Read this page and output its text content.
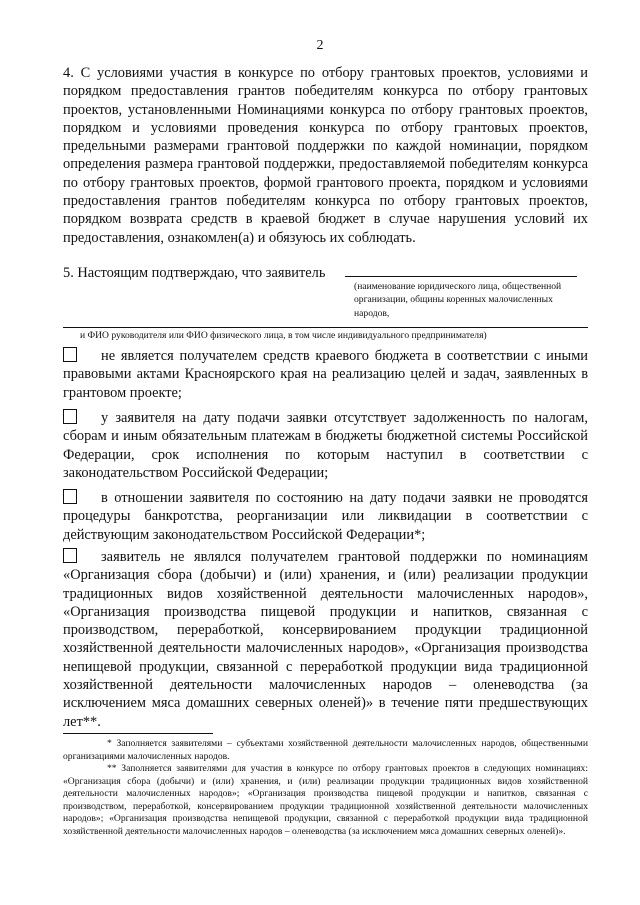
2
4. С условиями участия в конкурсе по отбору грантовых проектов, условиями и порядком предоставления грантов победителям конкурса по отбору грантовых проектов, установленными Номинациями конкурса по отбору грантовых проектов, порядком и условиями проведения конкурса по отбору грантовых проектов, предельными размерами грантовой поддержки по каждой номинации, порядком определения размера грантовой поддержки, предоставляемой победителям конкурса по отбору грантовых проектов, формой грантового проекта, порядком и условиями предоставления грантов победителям конкурса по отбору грантовых проектов, порядком возврата средств в краевой бюджет в случае нарушения условий их предоставления, ознакомлен(а) и обязуюсь их соблюдать.
5. Настоящим подтверждаю, что заявитель
(наименование юридического лица, общественной организации, общины коренных малочисленных народов,
и ФИО руководителя или ФИО физического лица, в том числе индивидуального предпринимателя)
не является получателем средств краевого бюджета в соответствии с иными правовыми актами Красноярского края на реализацию целей и задач, заявленных в грантовом проекте;
у заявителя на дату подачи заявки отсутствует задолженность по налогам, сборам и иным обязательным платежам в бюджеты бюджетной системы Российской Федерации, срок исполнения по которым наступил в соответствии с законодательством Российской Федерации;
в отношении заявителя по состоянию на дату подачи заявки не проводятся процедуры банкротства, реорганизации или ликвидации в соответствии с действующим законодательством Российской Федерации*;
заявитель не являлся получателем грантовой поддержки по номинациям «Организация сбора (добычи) и (или) хранения, и (или) реализации продукции традиционных видов хозяйственной деятельности малочисленных народов», «Организация производства пищевой продукции и напитков, связанная с производством, переработкой, консервированием продукции традиционной хозяйственной деятельности малочисленных народов», «Организация производства непищевой продукции, связанной с переработкой продукции вида традиционной хозяйственной деятельности малочисленных народов – оленеводства (за исключением мяса домашних северных оленей)» в течение пяти предшествующих лет**.
* Заполняется заявителями – субъектами хозяйственной деятельности малочисленных народов, общественными организациями малочисленных народов.
** Заполняется заявителями для участия в конкурсе по отбору грантовых проектов в следующих номинациях: «Организация сбора (добычи) и (или) хранения, и (или) реализации продукции традиционных видов хозяйственной деятельности малочисленных народов»; «Организация производства пищевой продукции и напитков, связанная с производством, переработкой, консервированием продукции традиционной хозяйственной деятельности малочисленных народов»; «Организация производства непищевой продукции, связанной с переработкой продукции вида традиционной хозяйственной деятельности малочисленных народов – оленеводства (за исключением мяса домашних северных оленей)».
